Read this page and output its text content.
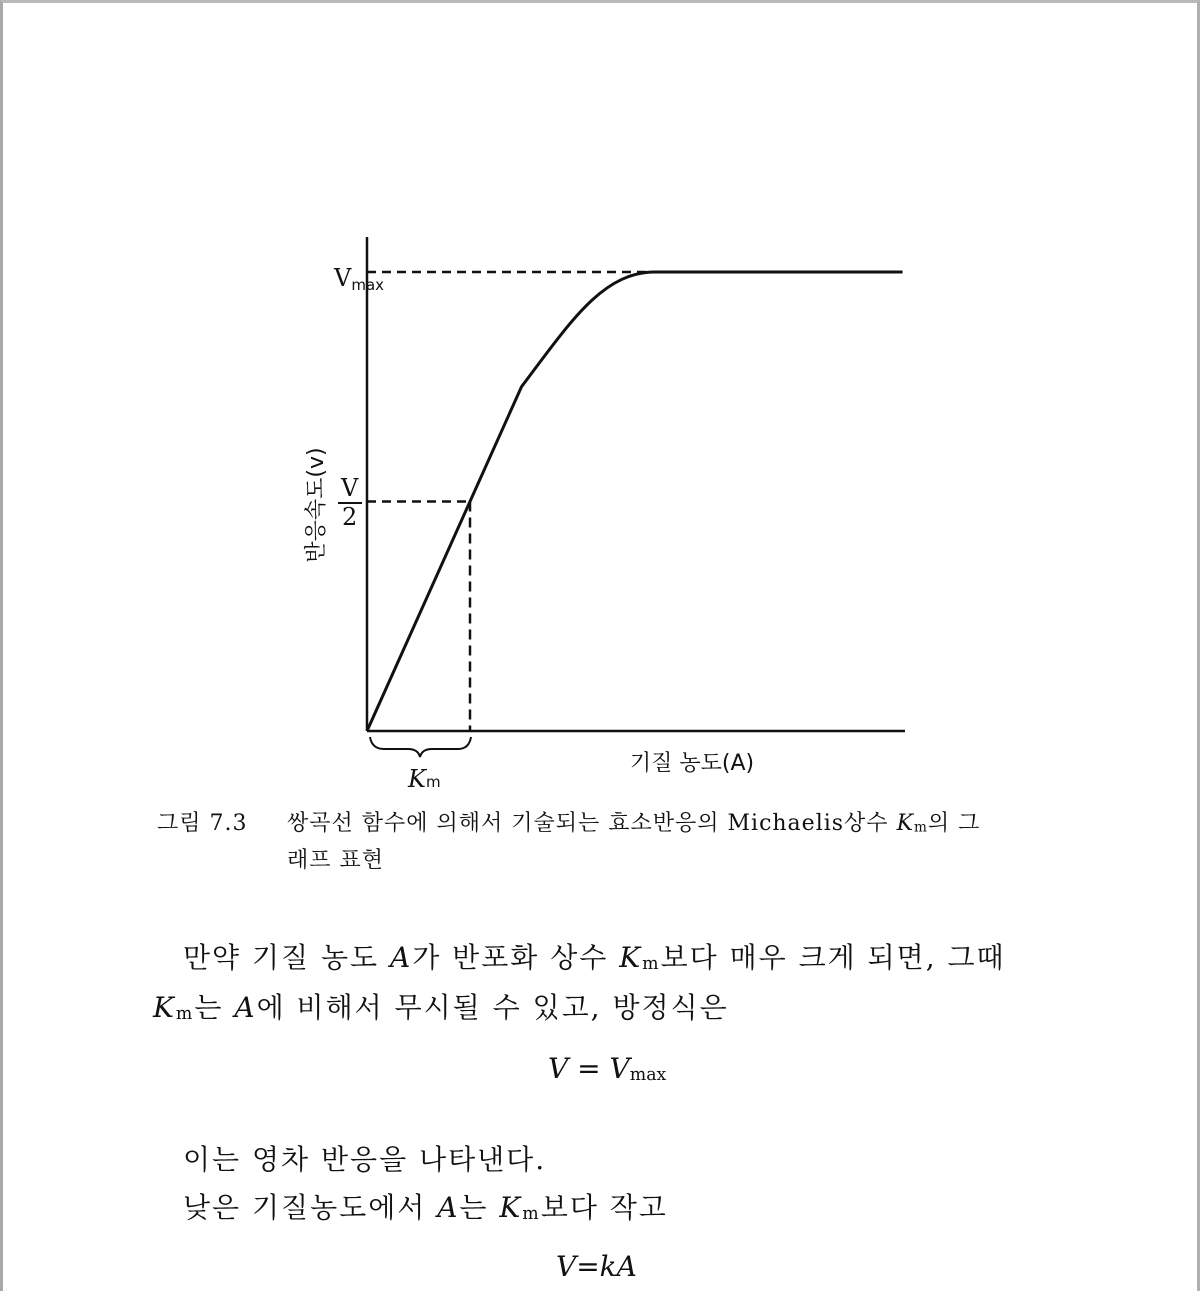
Vmax
V
2
반응속도(v)
기질 농도(A)
Km
그림 7.3 쌍곡선 함수에 의해서 기술되는 효소반응의 Michaelis상수 $K_m$의 그
래프 표현
만약 기질 농도 A가 반포화 상수 $K_m$보다 매우 크게 되면, 그때
$K_m$는 A에 비해서 무시될 수 있고, 방정식은
$V = V_{max}$
이는 영차 반응을 나타낸다.
낮은 기질농도에서 A는 $K_m$보다 작고
V=kA
